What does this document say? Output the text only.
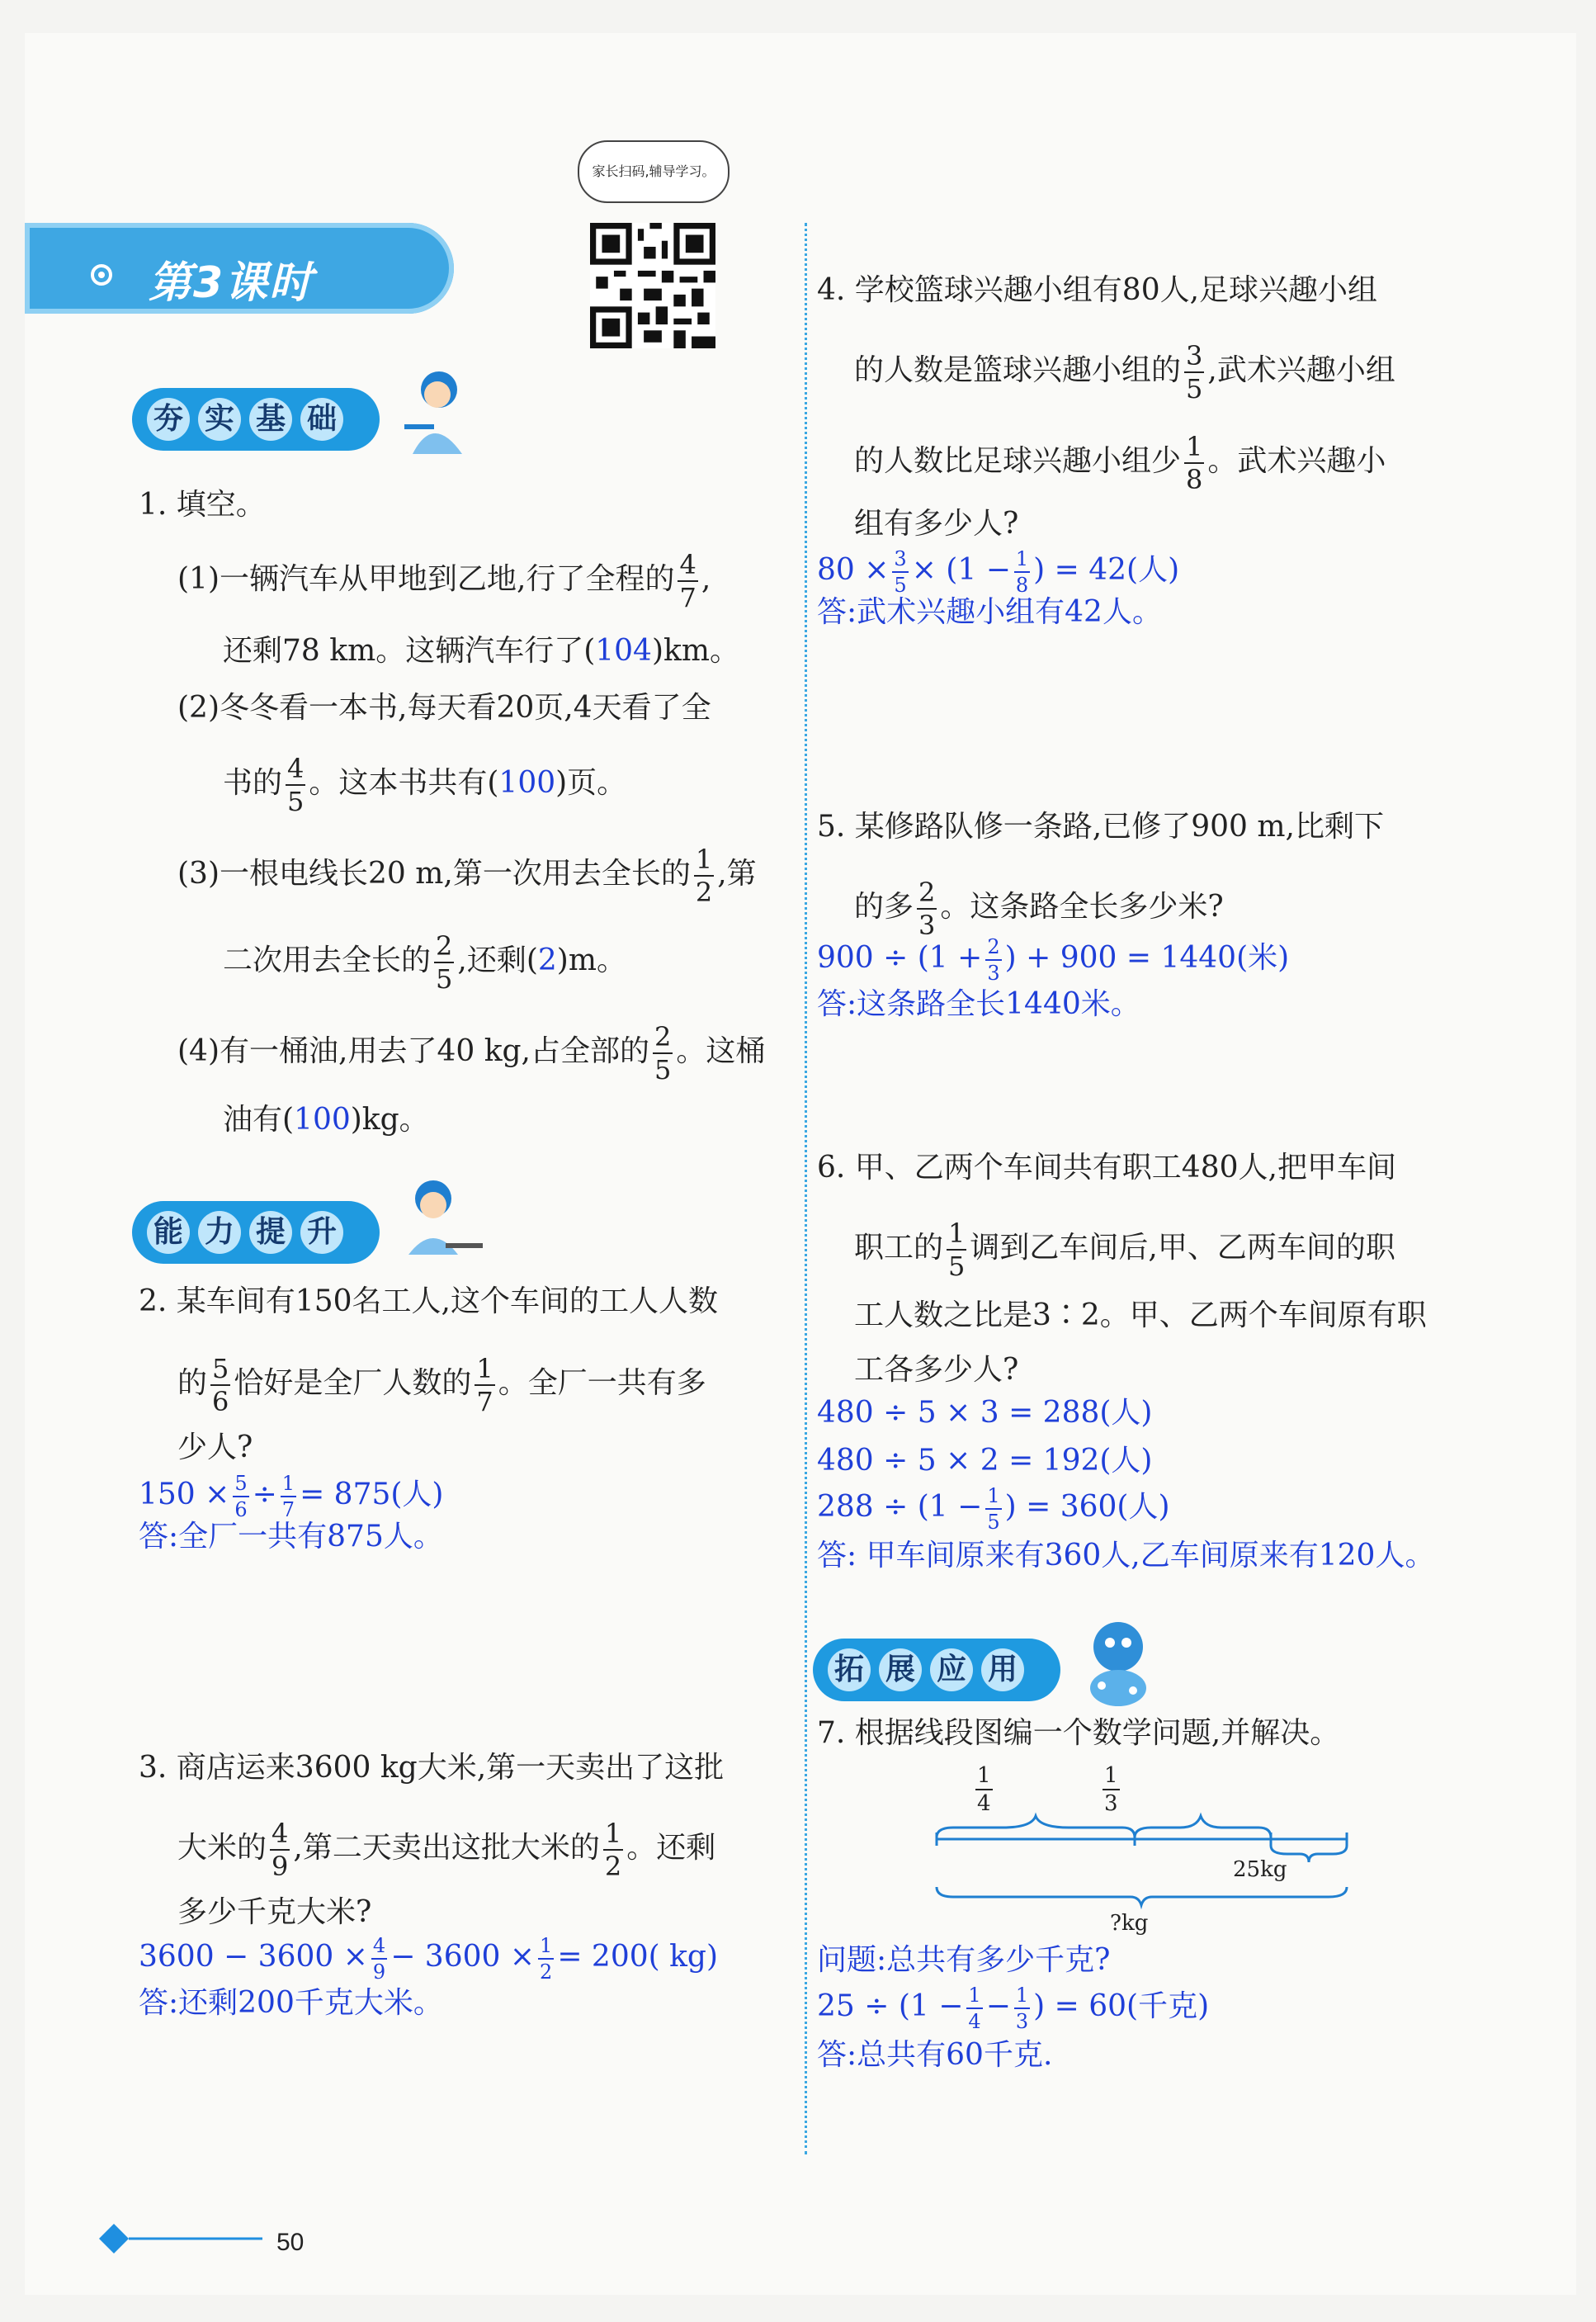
第3课时
家长扫码,辅导学习。
夯 实 基 础
1. 填空。
(1)一辆汽车从甲地到乙地,行了全程的 $\frac{4}{7}$ ,
还剩78 km。这辆汽车行了(104)km。
(2)冬冬看一本书,每天看20页,4天看了全
书的 $\frac{4}{5}$ 。这本书共有(100)页。
(3)一根电线长20 m,第一次用去全长的 $\frac{1}{2}$ ,第
二次用去全长的 $\frac{2}{5}$ ,还剩(2)m。
(4)有一桶油,用去了40 kg,占全部的 $\frac{2}{5}$ 。这桶
油有(100)kg。
能 力 提 升
2. 某车间有150名工人,这个车间的工人人数
的 $\frac{5}{6}$ 恰好是全厂人数的 $\frac{1}{7}$ 。全厂一共有多
少人?
$150 \times \frac{5}{6} \div \frac{1}{7} = 875$(人)
答:全厂一共有875人。
3. 商店运来3600 kg大米,第一天卖出了这批
大米的 $\frac{4}{9}$ ,第二天卖出这批大米的 $\frac{1}{2}$ 。还剩
多少千克大米?
$3600 - 3600 \times \frac{4}{9} - 3600 \times \frac{1}{2} = 200$( kg)
答:还剩200千克大米。
4. 学校篮球兴趣小组有80人,足球兴趣小组
的人数是篮球兴趣小组的 $\frac{3}{5}$ ,武术兴趣小组
的人数比足球兴趣小组少 $\frac{1}{8}$ 。武术兴趣小
组有多少人?
$80 \times \frac{3}{5} \times (1 - \frac{1}{8}$ ) = 42(人)
答:武术兴趣小组有42人。
5. 某修路队修一条路,已修了900 m,比剩下
的多 $\frac{2}{3}$ 。这条路全长多少米?
$900 \div (1 + \frac{2}{3}$ ) + 900 = 1440(米)
答:这条路全长1440米。
6. 甲、乙两个车间共有职工480人,把甲车间
职工的 $\frac{1}{5}$ 调到乙车间后,甲、乙两车间的职
工人数之比是3∶2。甲、乙两个车间原有职
工各多少人?
480 ÷ 5 × 3 = 288(人)
480 ÷ 5 × 2 = 192(人)
$288 \div (1 - \frac{1}{5}$ ) = 360(人)
答: 甲车间原来有360人,乙车间原来有120人。
拓 展 应 用
7. 根据线段图编一个数学问题,并解决。
$\frac{1}{4}$	$\frac{1}{3}$
25kg
?kg
问题:总共有多少千克?
$25 \div (1 - \frac{1}{4} - \frac{1}{3}$ ) = 60(千克)
答:总共有60千克.
50
